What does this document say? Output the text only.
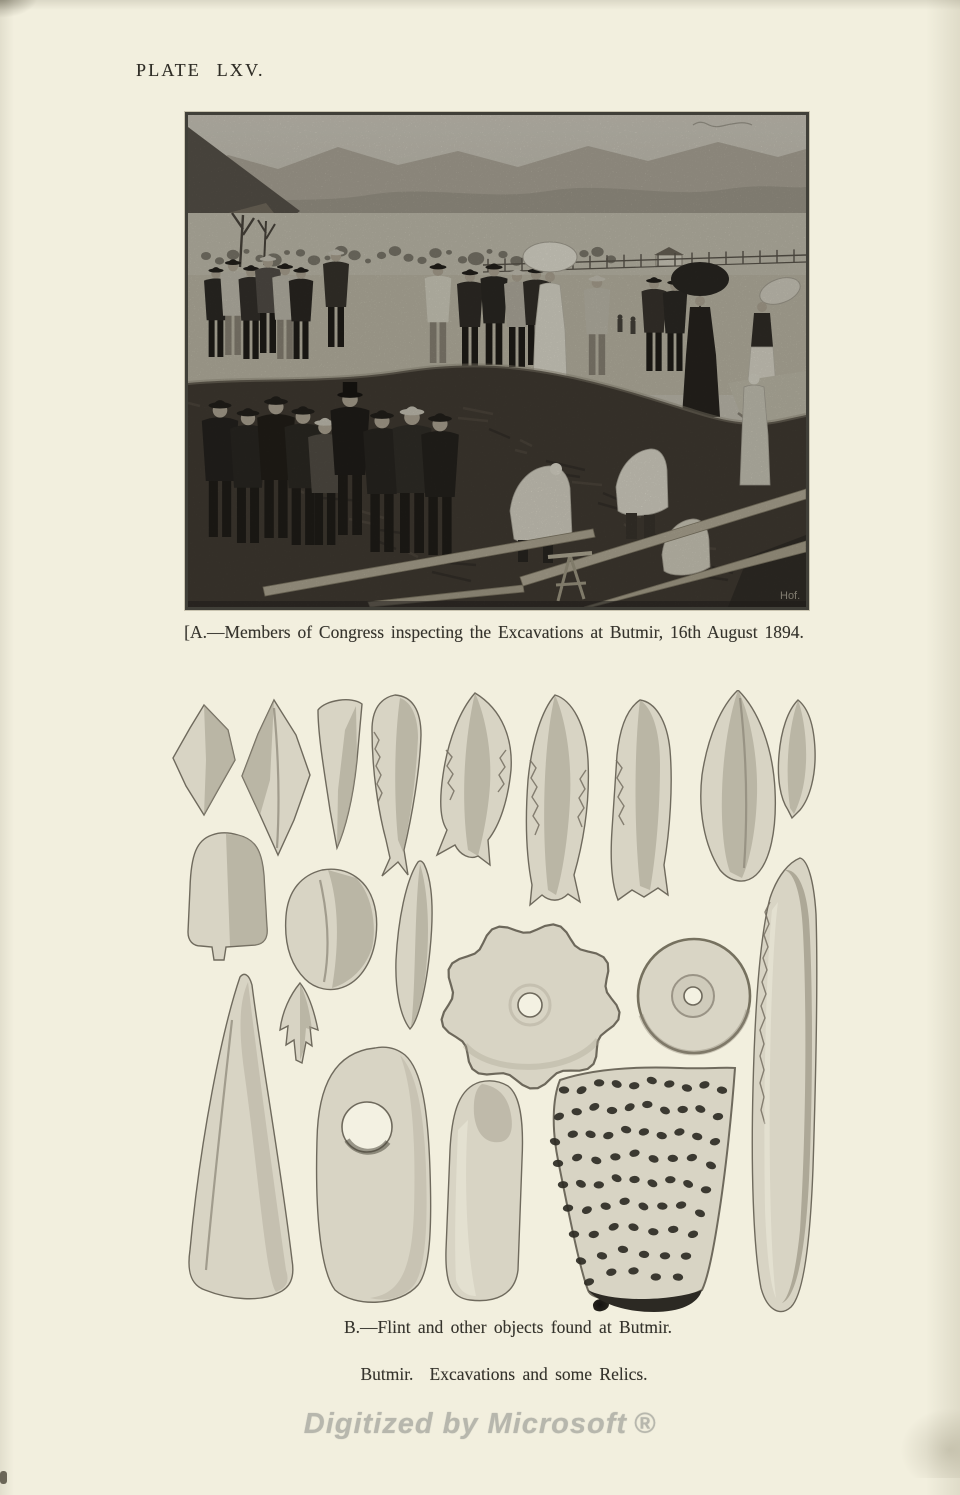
PLATE LXV.
Hof.
[A.—Members of Congress inspecting the Excavations at Butmir, 16th August 1894.
B.—Flint and other objects found at Butmir.
Butmir.  Excavations and some Relics.
Digitized by Microsoft ®
